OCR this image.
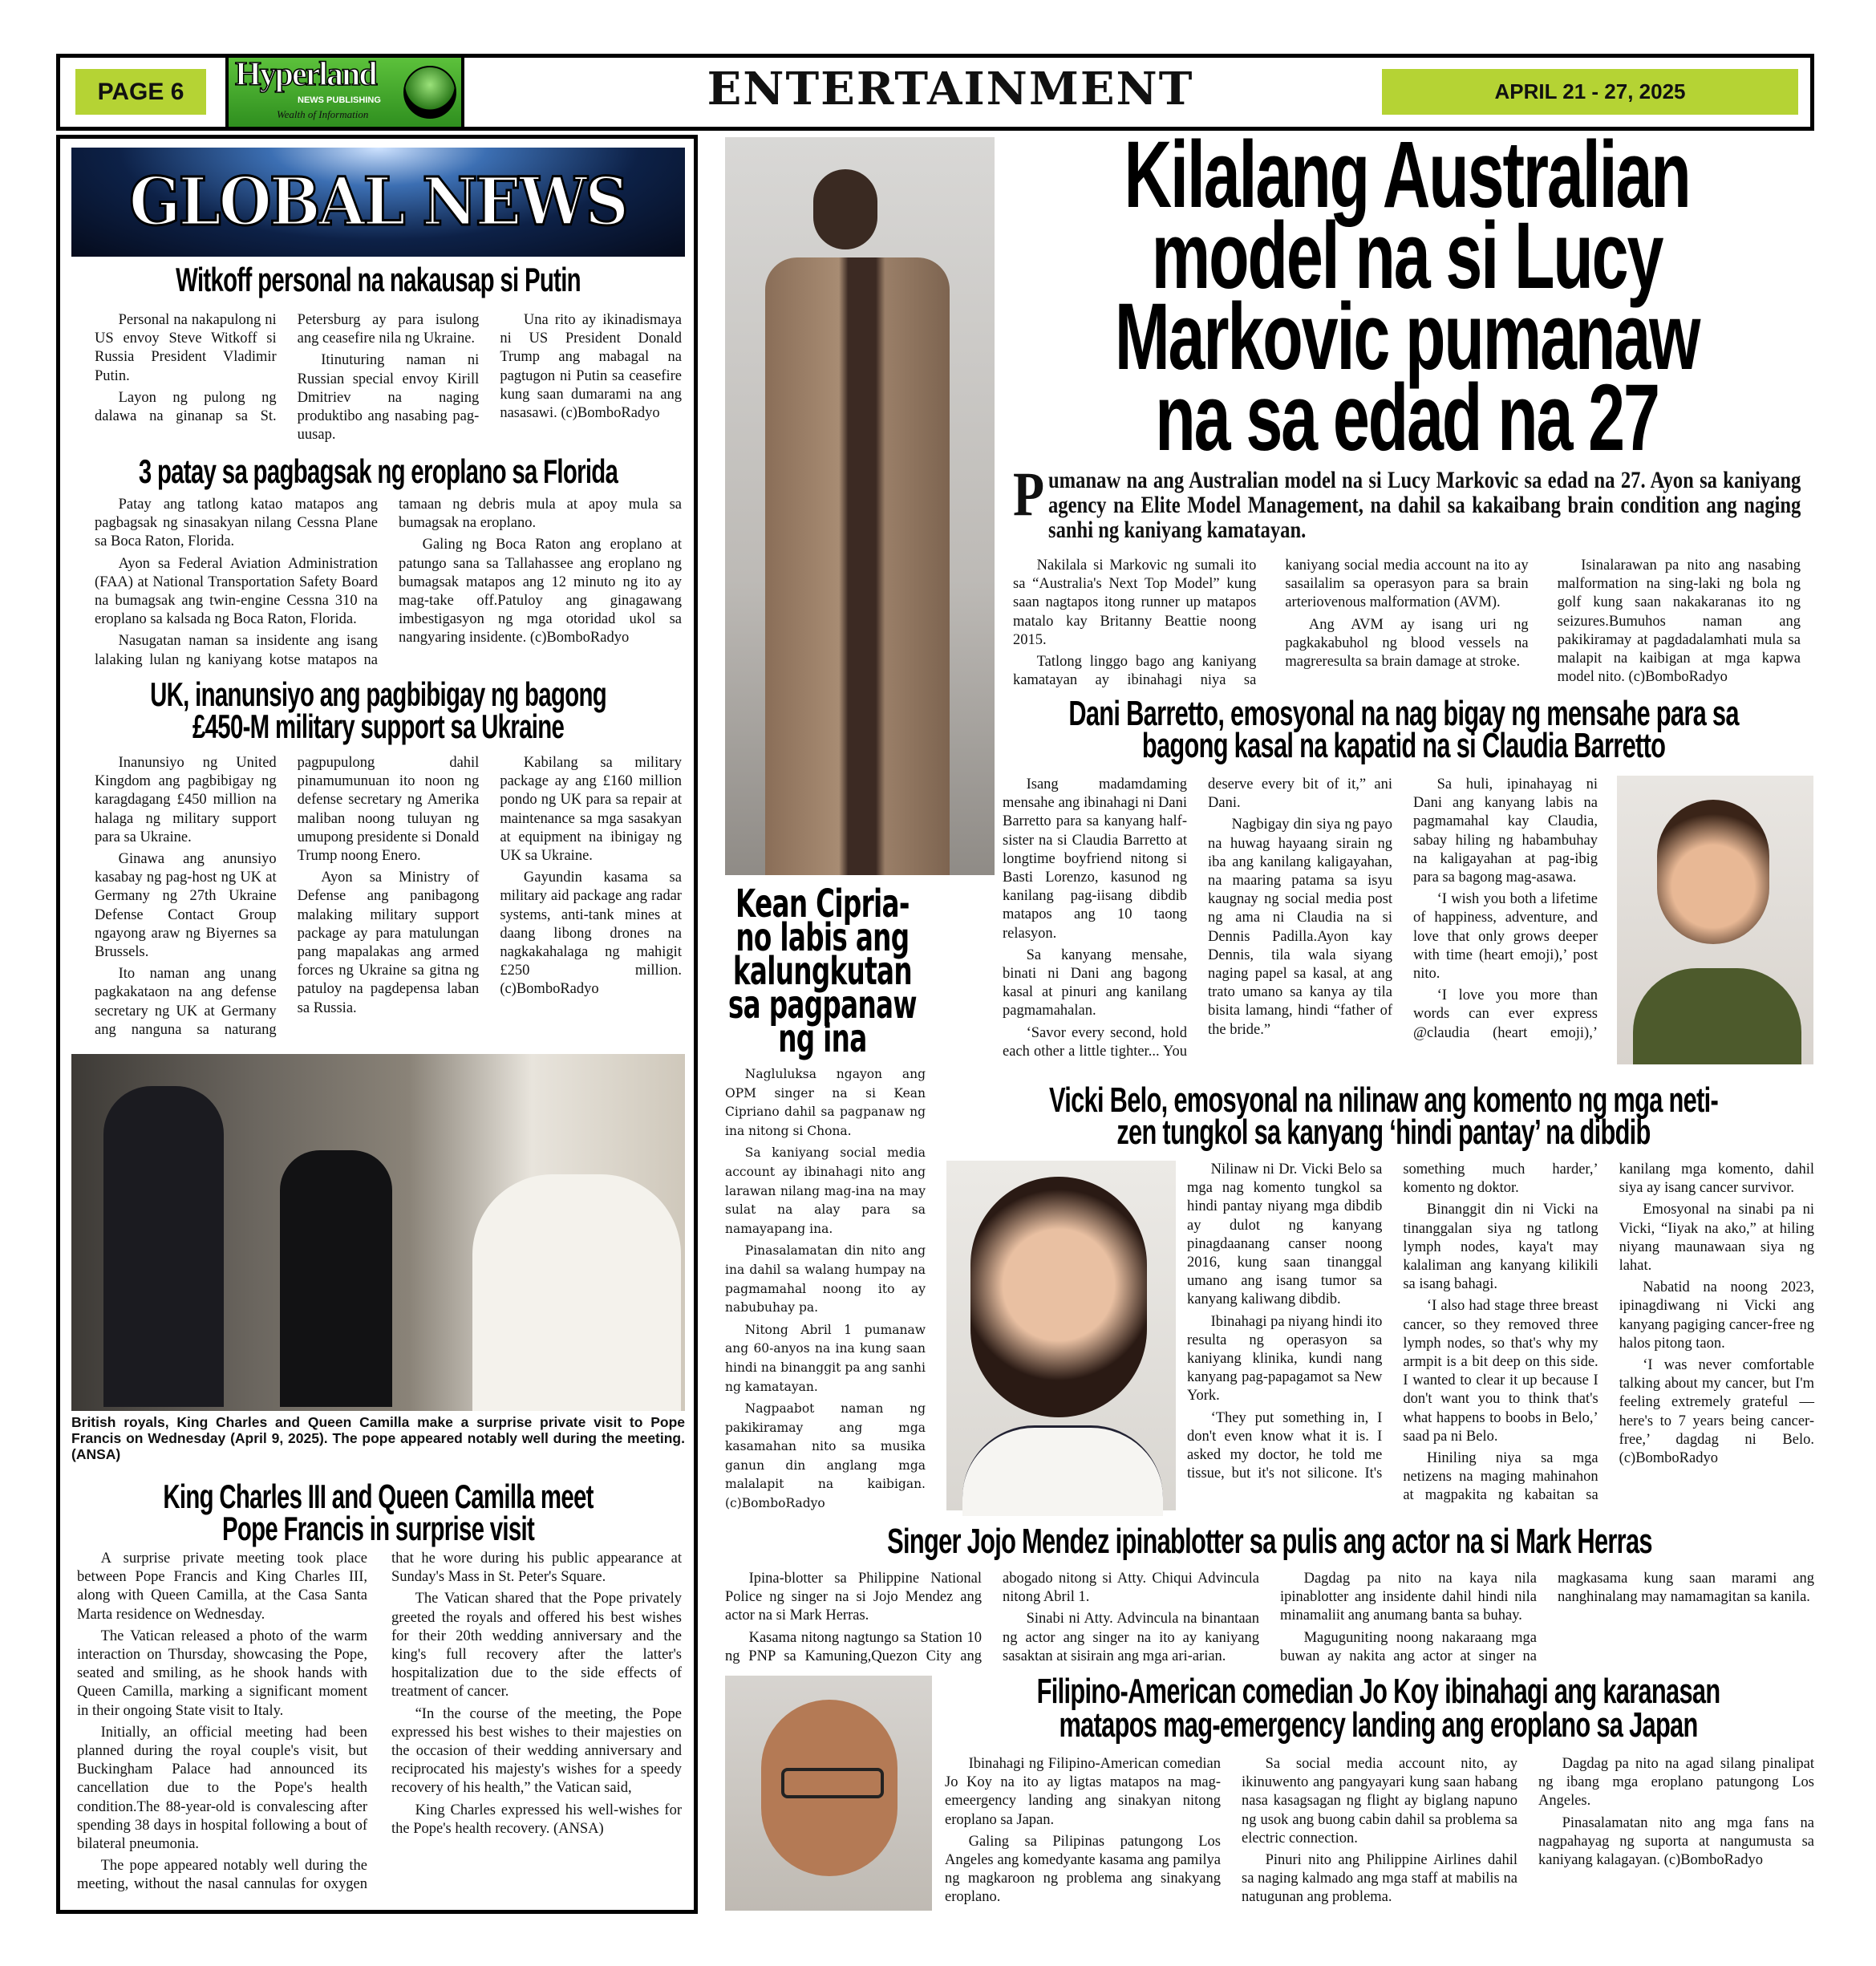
PAGE 6	Hyperland
NEWS PUBLISHING
Wealth of Information	ENTERTAINMENT	APRIL 21 - 27, 2025
GLOBAL NEWS
Witkoff personal na nakausap si Putin

Personal na nakapulong ni US envoy Steve Witkoff si Russia President Vladimir Putin.

Layon ng pulong ng dalawa na ginanap sa St. Petersburg ay para isulong ang ceasefire nila ng Ukraine.

Itinuturing naman ni Russian special envoy Kirill Dmitriev na naging produktibo ang nasabing pag-uusap.

Una rito ay ikinadismaya ni US President Donald Trump ang mabagal na pagtugon ni Putin sa ceasefire kung saan dumarami na ang nasasawi. (c)BomboRadyo

3 patay sa pagbagsak ng eroplano sa Florida

Patay ang tatlong katao matapos ang pagbagsak ng sinasakyan nilang Cessna Plane sa Boca Raton, Florida.

Ayon sa Federal Aviation Administration (FAA) at National Transportation Safety Board na bumagsak ang twin-engine Cessna 310 na eroplano sa kalsada ng Boca Raton, Florida.

Nasugatan naman sa insidente ang isang lalaking lulan ng kaniyang kotse matapos na tamaan ng debris mula at apoy mula sa bumagsak na eroplano.

Galing ng Boca Raton ang eroplano at patungo sana sa Tallahassee ang eroplano ng bumagsak matapos ang 12 minuto ng ito ay mag-take off.Patuloy ang ginagawang imbestigasyon ng mga otoridad ukol sa nangyaring insidente. (c)BomboRadyo

UK, inanunsiyo ang pagbibigay ng bagong
£450-M military support sa Ukraine

Inanunsiyo ng United Kingdom ang pagbibigay ng karagdagang £450 million na halaga ng military support para sa Ukraine.

Ginawa ang anunsiyo kasabay ng pag-host ng UK at Germany ng 27th Ukraine Defense Contact Group ngayong araw ng Biyernes sa Brussels.

Ito naman ang unang pagkakataon na ang defense secretary ng UK at Germany ang nanguna sa naturang pagpupulong dahil pinamumunuan ito noon ng defense secretary ng Amerika maliban noong tuluyan ng umupong presidente si Donald Trump noong Enero.

Ayon sa Ministry of Defense ang panibagong malaking military support package ay para matulungan pang mapalakas ang armed forces ng Ukraine sa gitna ng patuloy na pagdepensa laban sa Russia.

Kabilang sa military package ay ang £160 million pondo ng UK para sa repair at maintenance sa mga sasakyan at equipment na ibinigay ng UK sa Ukraine.

Gayundin kasama sa military aid package ang radar systems, anti-tank mines at daang libong drones na nagkakahalaga ng mahigit £250 million. (c)BomboRadyo

British royals, King Charles and Queen Camilla make a surprise private visit to Pope Francis on Wednesday (April 9, 2025). The pope appeared notably well during the meeting. (ANSA)
King Charles III and Queen Camilla meet
Pope Francis in surprise visit

A surprise private meeting took place between Pope Francis and King Charles III, along with Queen Camilla, at the Casa Santa Marta residence on Wednesday.

The Vatican released a photo of the warm interaction on Thursday, showcasing the Pope, seated and smiling, as he shook hands with Queen Camilla, marking a significant moment in their ongoing State visit to Italy.

Initially, an official meeting had been planned during the royal couple's visit, but Buckingham Palace had announced its cancellation due to the Pope's health condition.The 88-year-old is convalescing after spending 38 days in hospital following a bout of bilateral pneumonia.

The pope appeared notably well during the meeting, without the nasal cannulas for oxygen that he wore during his public appearance at Sunday's Mass in St. Peter's Square.

The Vatican shared that the Pope privately greeted the royals and offered his best wishes for their 20th wedding anniversary and the king's full recovery after the latter's hospitalization due to the side effects of treatment of cancer.

“In the course of the meeting, the Pope expressed his best wishes to their majesties on the occasion of their wedding anniversary and reciprocated his majesty's wishes for a speedy recovery of his health,” the Vatican said,

King Charles expressed his well-wishes for the Pope's health recovery. (ANSA)

Kilalang Australian
model na si Lucy
Markovic pumanaw
na sa edad na 27
Pumanaw na ang Australian model na si Lucy Markovic sa edad na 27. Ayon sa kaniyang agency na Elite Model Management, na dahil sa kakaibang brain condition ang naging sanhi ng kaniyang kamatayan.

Nakilala si Markovic ng sumali ito sa “Australia's Next Top Model” kung saan nagtapos itong runner up matapos matalo kay Britanny Beattie noong 2015.

Tatlong linggo bago ang kaniyang kamatayan ay ibinahagi niya sa kaniyang social media account na ito ay sasailalim sa operasyon para sa brain arteriovenous malformation (AVM).

Ang AVM ay isang uri ng pagkakabuhol ng blood vessels na magreresulta sa brain damage at stroke.

Isinalarawan pa nito ang nasabing malformation na sing-laki ng bola ng golf kung saan nakakaranas ito ng seizures.Bumuhos naman ang pakikiramay at pagdadalamhati mula sa malapit na kaibigan at mga kapwa model nito. (c)BomboRadyo

Dani Barretto, emosyonal na nag bigay ng mensahe para sa
bagong kasal na kapatid na si Claudia Barretto

Isang madamdaming mensahe ang ibinahagi ni Dani Barretto para sa kanyang half-sister na si Claudia Barretto at longtime boyfriend nitong si Basti Lorenzo, kasunod ng kanilang pag-iisang dibdib matapos ang 10 taong relasyon.

Sa kanyang mensahe, binati ni Dani ang bagong kasal at pinuri ang kanilang pagmamahalan.

‘Savor every second, hold each other a little tighter... You deserve every bit of it,” ani Dani.

Nagbigay din siya ng payo na huwag hayaang sirain ng iba ang kanilang kaligayahan, na maaring patama sa isyu kaugnay ng social media post ng ama ni Claudia na si Dennis Padilla.Ayon kay Dennis, tila wala siyang naging papel sa kasal, at ang trato umano sa kanya ay tila bisita lamang, hindi “father of the bride.”

Sa huli, ipinahayag ni Dani ang kanyang labis na pagmamahal kay Claudia, sabay hiling ng habambuhay na kaligayahan at pag-ibig para sa bagong mag-asawa.

‘I wish you both a lifetime of happiness, adventure, and love that only grows deeper with time (heart emoji),’ post nito.

‘I love you more than words can ever express @claudia (heart emoji),’

Kean Cipria-
no labis ang
kalungkutan
sa pagpanaw
ng ina

Nagluluksa ngayon ang OPM singer na si Kean Cipriano dahil sa pagpanaw ng ina nitong si Chona.

Sa kaniyang social media account ay ibinahagi nito ang larawan nilang mag-ina na may sulat na alay para sa namayapang ina.

Pinasalamatan din nito ang ina dahil sa walang humpay na pagmamahal noong ito ay nabubuhay pa.

Nitong Abril 1 pumanaw ang 60-anyos na ina kung saan hindi na binanggit pa ang sanhi ng kamatayan.

Nagpaabot naman ng pakikiramay ang mga kasamahan nito sa musika ganun din anglang mga malalapit na kaibigan. (c)BomboRadyo

Vicki Belo, emosyonal na nilinaw ang komento ng mga neti-
zen tungkol sa kanyang ‘hindi pantay’ na dibdib

Nilinaw ni Dr. Vicki Belo sa mga nag komento tungkol sa hindi pantay niyang mga dibdib ay dulot ng kanyang pinagdaanang canser noong 2016, kung saan tinanggal umano ang isang tumor sa kanyang kaliwang dibdib.

Ibinahagi pa niyang hindi ito resulta ng operasyon sa kaniyang klinika, kundi nang kanyang pag-papagamot sa New York.

‘They put something in, I don't even know what it is. I asked my doctor, he told me tissue, but it's not silicone. It's something much harder,’ komento ng doktor.

Binanggit din ni Vicki na tinanggalan siya ng tatlong lymph nodes, kaya't may kalaliman ang kanyang kilikili sa isang bahagi.

‘I also had stage three breast cancer, so they removed three lymph nodes, so that's why my armpit is a bit deep on this side. I wanted to clear it up because I don't want you to think that's what happens to boobs in Belo,’ saad pa ni Belo.

Hiniling niya sa mga netizens na maging mahinahon at magpakita ng kabaitan sa kanilang mga komento, dahil siya ay isang cancer survivor.

Emosyonal na sinabi pa ni Vicki, “Iiyak na ako,” at hiling niyang maunawaan siya ng lahat.

Nabatid na noong 2023, ipinagdiwang ni Vicki ang kanyang pagiging cancer-free ng halos pitong taon.

‘I was never comfortable talking about my cancer, but I'm feeling extremely grateful — here's to 7 years being cancer-free,’ dagdag ni Belo. (c)BomboRadyo

Singer Jojo Mendez ipinablotter sa pulis ang actor na si Mark Herras

Ipina-blotter sa Philippine National Police ng singer na si Jojo Mendez ang actor na si Mark Herras.

Kasama nitong nagtungo sa Station 10 ng PNP sa Kamuning,Quezon City ang abogado nitong si Atty. Chiqui Advincula nitong Abril 1.

Sinabi ni Atty. Advincula na binantaan ng actor ang singer na ito ay kaniyang sasaktan at sisirain ang mga ari-arian.

Dagdag pa nito na kaya nila ipinablotter ang insidente dahil hindi nila minamaliit ang anumang banta sa buhay.

Maguguniting noong nakaraang mga buwan ay nakita ang actor at singer na magkasama kung saan marami ang nanghinalang may namamagitan sa kanila.

Filipino-American comedian Jo Koy ibinahagi ang karanasan
matapos mag-emergency landing ang eroplano sa Japan

Ibinahagi ng Filipino-American comedian Jo Koy na ito ay ligtas matapos na mag-emeergency landing ang sinakyan nitong eroplano sa Japan.

Galing sa Pilipinas patungong Los Angeles ang komedyante kasama ang pamilya ng magkaroon ng problema ang sinakyang eroplano.

Sa social media account nito, ay ikinuwento ang pangyayari kung saan habang nasa kasagsagan ng flight ay biglang napuno ng usok ang buong cabin dahil sa problema sa electric connection.

Pinuri nito ang Philippine Airlines dahil sa naging kalmado ang mga staff at mabilis na natugunan ang problema.

Dagdag pa nito na agad silang pinalipat ng ibang mga eroplano patungong Los Angeles.

Pinasalamatan nito ang mga fans na nagpahayag ng suporta at nangumusta sa kaniyang kalagayan. (c)BomboRadyo
